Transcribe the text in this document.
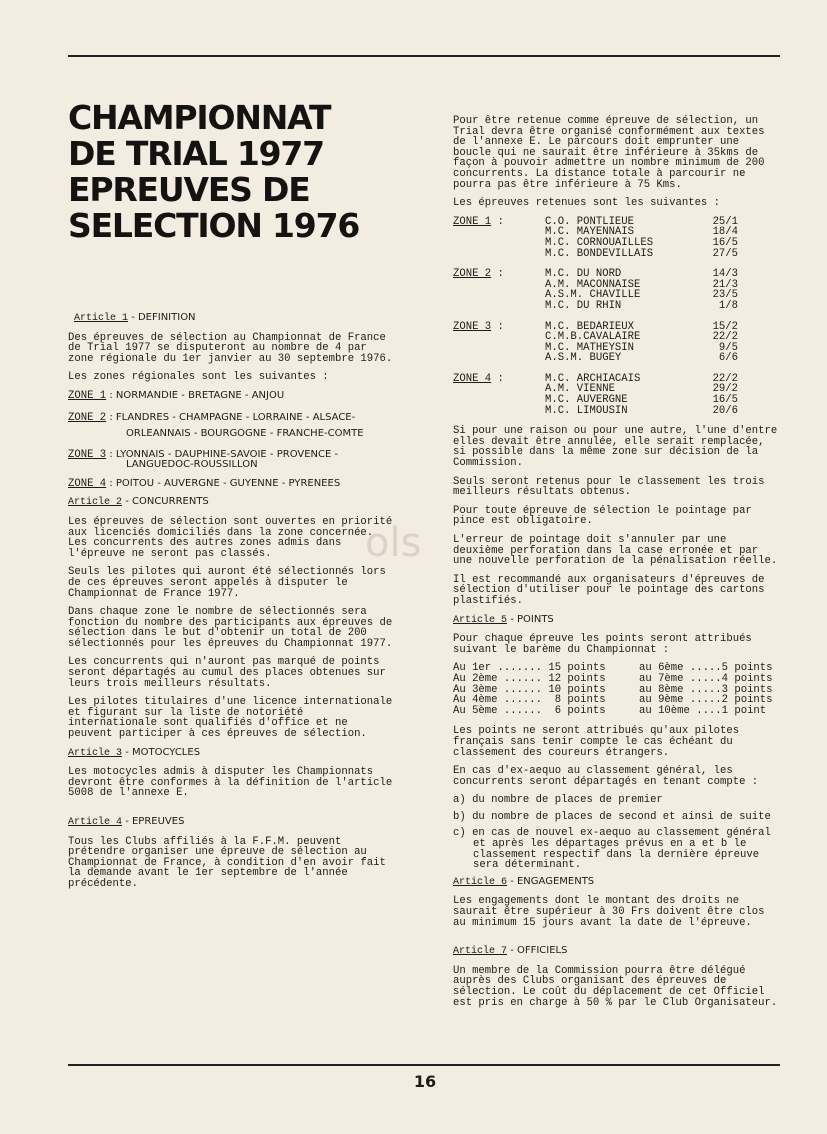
CHAMPIONNAT
DE TRIAL 1977
EPREUVES DE
SELECTION 1976
ols

Article 1 - DEFINITION

Des épreuves de sélection au Championnat de France de Trial 1977 se disputeront au nombre de 4 par zone régionale du 1er janvier au 30 septembre 1976.

Les zones régionales sont les suivantes :

ZONE 1 : NORMANDIE - BRETAGNE - ANJOU

ZONE 2 : FLANDRES - CHAMPAGNE - LORRAINE - ALSACE-ORLEANNAIS - BOURGOGNE - FRANCHE-COMTE

ZONE 3 : LYONNAIS - DAUPHINE-SAVOIE - PROVENCE - LANGUEDOC-ROUSSILLON

ZONE 4 : POITOU - AUVERGNE - GUYENNE - PYRENEES

Article 2 - CONCURRENTS

Les épreuves de sélection sont ouvertes en priorité aux licenciés domiciliés dans la zone concernée. Les concurrents des autres zones admis dans l'épreuve ne seront pas classés.

Seuls les pilotes qui auront été sélectionnés lors de ces épreuves seront appelés à disputer le Championnat de France 1977.

Dans chaque zone le nombre de sélectionnés sera fonction du nombre des participants aux épreuves de sélection dans le but d'obtenir un total de 200 sélectionnés pour les épreuves du Championnat 1977.

Les concurrents qui n'auront pas marqué de points seront départagés au cumul des places obtenues sur leurs trois meilleurs résultats.

Les pilotes titulaires d'une licence internationale et figurant sur la liste de notoriété internationale sont qualifiés d'office et ne peuvent participer à ces épreuves de sélection.

Article 3 - MOTOCYCLES

Les motocycles admis à disputer les Championnats devront être conformes à la définition de l'article 5008 de l'annexe E.

Article 4 - EPREUVES

Tous les Clubs affiliés à la F.F.M. peuvent prétendre organiser une épreuve de sélection au Championnat de France, à condition d'en avoir fait la demande avant le 1er septembre de l'année précédente.

Pour être retenue comme épreuve de sélection, un Trial devra être organisé conformément aux textes de l'annexe E. Le parcours doit emprunter une boucle qui ne saurait être inférieure à 35kms de façon à pouvoir admettre un nombre minimum de 200 concurrents. La distance totale à parcourir ne pourra pas être inférieure à 75 Kms.

Les épreuves retenues sont les suivantes :

ZONE 1 :	C.O. PONTLIEUE	25/1
	M.C. MAYENNAIS	18/4
	M.C. CORNOUAILLES	16/5
	M.C. BONDEVILLAIS	27/5
ZONE 2 :	M.C. DU NORD	14/3
	A.M. MACONNAISE	21/3
	A.S.M. CHAVILLE	23/5
	M.C. DU RHIN	1/8
ZONE 3 :	M.C. BEDARIEUX	15/2
	C.M.B.CAVALAIRE	22/2
	M.C. MATHEYSIN	9/5
	A.S.M. BUGEY	6/6
ZONE 4 :	M.C. ARCHIACAIS	22/2
	A.M. VIENNE	29/2
	M.C. AUVERGNE	16/5
	M.C. LIMOUSIN	20/6

Si pour une raison ou pour une autre, l'une d'entre elles devait être annulée, elle serait remplacée, si possible dans la même zone sur décision de la Commission.

Seuls seront retenus pour le classement les trois meilleurs résultats obtenus.

Pour toute épreuve de sélection le pointage par pince est obligatoire.

L'erreur de pointage doit s'annuler par une deuxième perforation dans la case erronée et par une nouvelle perforation de la pénalisation réelle.

Il est recommandé aux organisateurs d'épreuves de sélection d'utiliser pour le pointage des cartons plastifiés.

Article 5 - POINTS

Pour chaque épreuve les points seront attribués suivant le barème du Championnat :

Au 1er ....... 15 points	au 6ème .....5 points
Au 2ème ...... 12 points	au 7ème .....4 points
Au 3ème ...... 10 points	au 8ème .....3 points
Au 4ème ......  8 points	au 9ème .....2 points
Au 5ème ......  6 points	au 10ème ....1 point

Les points ne seront attribués qu'aux pilotes français sans tenir compte le cas échéant du classement des coureurs étrangers.

En cas d'ex-aequo au classement général, les concurrents seront départagés en tenant compte :

a) du nombre de places de premier

b) du nombre de places de second et ainsi de suite

c) en cas de nouvel ex-aequo au classement général et après les départages prévus en a et b le classement respectif dans la dernière épreuve sera déterminant.

Article 6 - ENGAGEMENTS

Les engagements dont le montant des droits ne saurait être supérieur à 30 Frs doivent être clos au minimum 15 jours avant la date de l'épreuve.

Article 7 - OFFICIELS

Un membre de la Commission pourra être délégué auprès des Clubs organisant des épreuves de sélection. Le coût du déplacement de cet Officiel est pris en charge à 50 % par le Club Organisateur.

16
